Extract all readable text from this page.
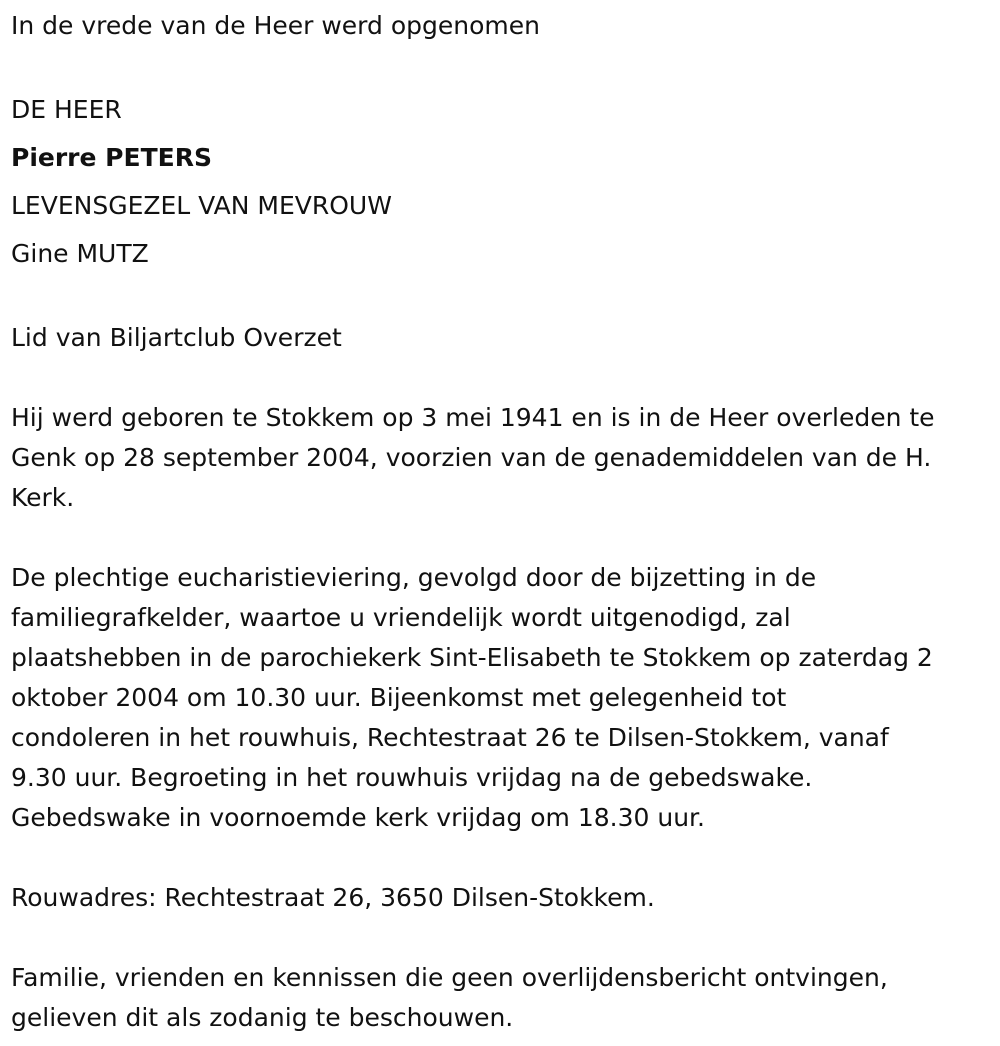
In de vrede van de Heer werd opgenomen

DE HEER

Pierre PETERS

LEVENSGEZEL VAN MEVROUW

Gine MUTZ

Lid van Biljartclub Overzet

Hij werd geboren te Stokkem op 3 mei 1941 en is in de Heer overleden te

Genk op 28 september 2004, voorzien van de genademiddelen van de H.

Kerk.

De plechtige eucharistieviering, gevolgd door de bijzetting in de

familiegrafkelder, waartoe u vriendelijk wordt uitgenodigd, zal

plaatshebben in de parochiekerk Sint-Elisabeth te Stokkem op zaterdag 2

oktober 2004 om 10.30 uur. Bijeenkomst met gelegenheid tot

condoleren in het rouwhuis, Rechtestraat 26 te Dilsen-Stokkem, vanaf

9.30 uur. Begroeting in het rouwhuis vrijdag na de gebedswake.

Gebedswake in voornoemde kerk vrijdag om 18.30 uur.

Rouwadres: Rechtestraat 26, 3650 Dilsen-Stokkem.

Familie, vrienden en kennissen die geen overlijdensbericht ontvingen,

gelieven dit als zodanig te beschouwen.
